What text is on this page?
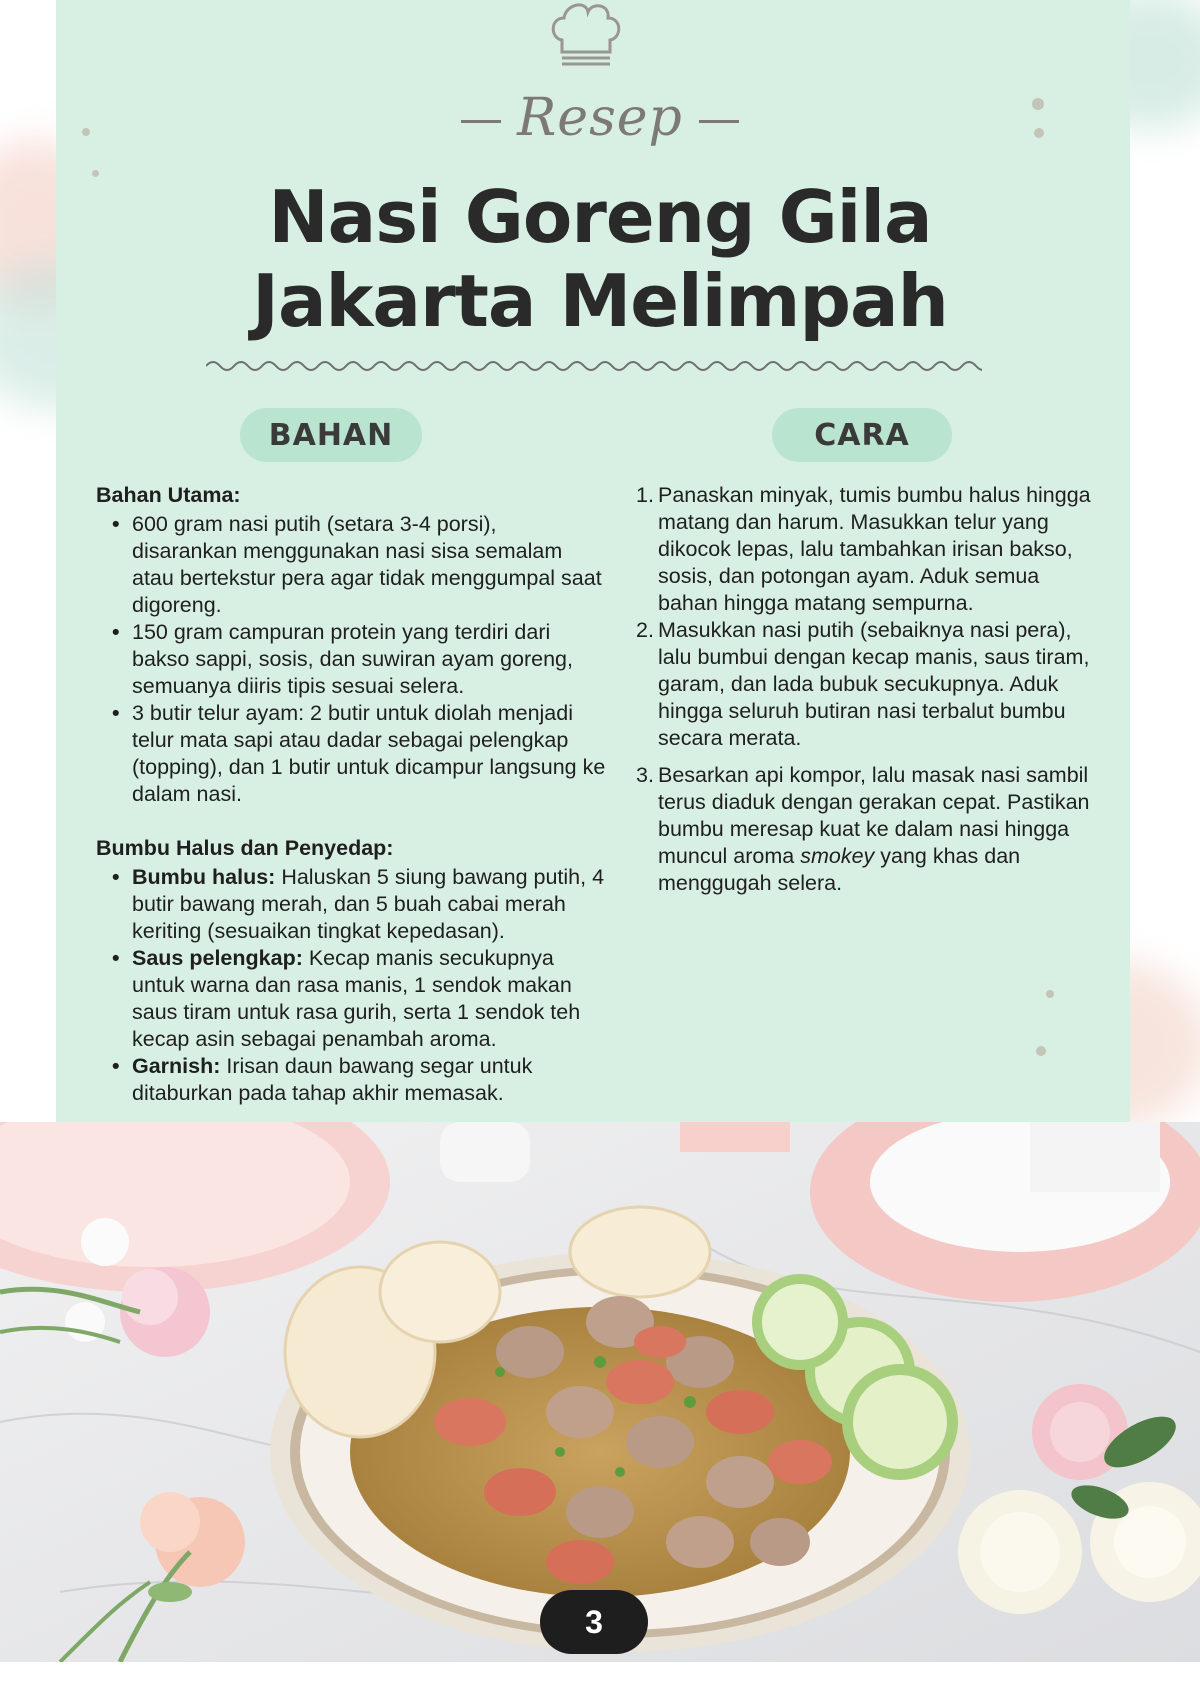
Resep
Nasi Goreng Gila
Jakarta Melimpah
BAHAN	CARA
Bahan Utama:
• 600 gram nasi putih (setara 3-4 porsi), disarankan menggunakan nasi sisa semalam atau bertekstur pera agar tidak menggumpal saat digoreng.
• 150 gram campuran protein yang terdiri dari bakso sappi, sosis, dan suwiran ayam goreng, semuanya diiris tipis sesuai selera.
• 3 butir telur ayam: 2 butir untuk diolah menjadi telur mata sapi atau dadar sebagai pelengkap (topping), dan 1 butir untuk dicampur langsung ke dalam nasi.
Bumbu Halus dan Penyedap:
• Bumbu halus: Haluskan 5 siung bawang putih, 4 butir bawang merah, dan 5 buah cabai merah keriting (sesuaikan tingkat kepedasan).
• Saus pelengkap: Kecap manis secukupnya untuk warna dan rasa manis, 1 sendok makan saus tiram untuk rasa gurih, serta 1 sendok teh kecap asin sebagai penambah aroma.
• Garnish: Irisan daun bawang segar untuk ditaburkan pada tahap akhir memasak.
1. Panaskan minyak, tumis bumbu halus hingga matang dan harum. Masukkan telur yang dikocok lepas, lalu tambahkan irisan bakso, sosis, dan potongan ayam. Aduk semua bahan hingga matang sempurna.
2. Masukkan nasi putih (sebaiknya nasi pera), lalu bumbui dengan kecap manis, saus tiram, garam, dan lada bubuk secukupnya. Aduk hingga seluruh butiran nasi terbalut bumbu secara merata.
3. Besarkan api kompor, lalu masak nasi sambil terus diaduk dengan gerakan cepat. Pastikan bumbu meresap kuat ke dalam nasi hingga muncul aroma smokey yang khas dan menggugah selera.
3
